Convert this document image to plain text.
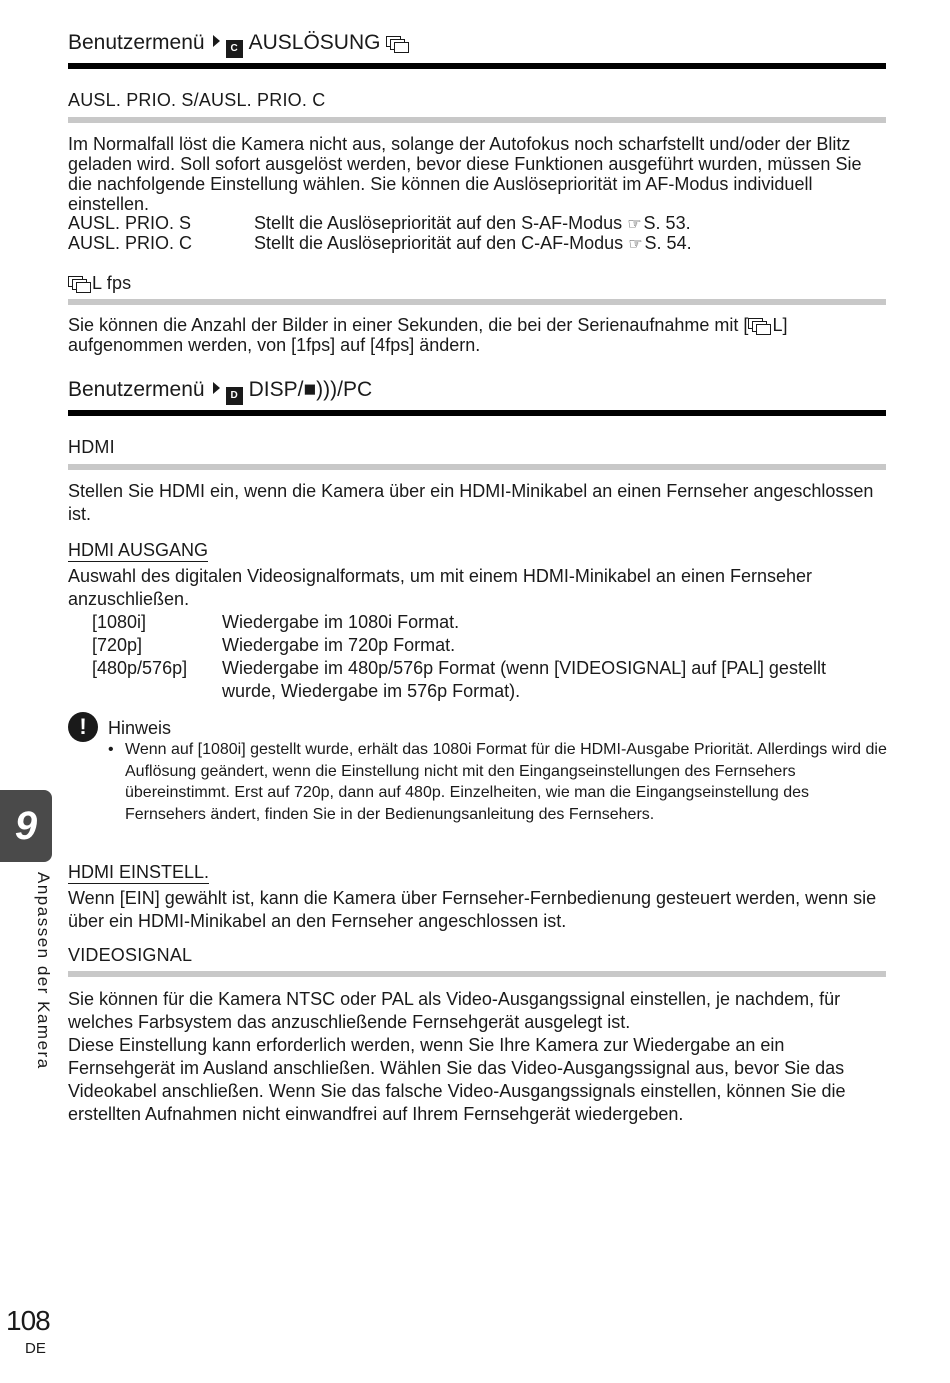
Benutzermenü	C AUSLÖSUNG
AUSL. PRIO. S/AUSL. PRIO. C
Im Normalfall löst die Kamera nicht aus, solange der Autofokus noch scharfstellt und/oder der Blitz geladen wird. Soll sofort ausgelöst werden, bevor diese Funktionen ausgeführt wurden, müssen Sie die nachfolgende Einstellung wählen. Sie können die Auslösepriorität im AF-Modus individuell einstellen.
AUSL. PRIO. S	Stellt die Auslösepriorität auf den S-AF-Modus ☞ S. 53.
AUSL. PRIO. C	Stellt die Auslösepriorität auf den C-AF-Modus ☞ S. 54.
L fps
Sie können die Anzahl der Bilder in einer Sekunden, die bei der Serienaufnahme mit [ L] aufgenommen werden, von [1fps] auf [4fps] ändern.
Benutzermenü	D DISP/■)))/PC
HDMI
Stellen Sie HDMI ein, wenn die Kamera über ein HDMI-Minikabel an einen Fernseher angeschlossen ist.
HDMI AUSGANG
Auswahl des digitalen Videosignalformats, um mit einem HDMI-Minikabel an einen Fernseher anzuschließen.
[1080i]	Wiedergabe im 1080i Format.
[720p]	Wiedergabe im 720p Format.
[480p/576p] Wiedergabe im 480p/576p Format (wenn [VIDEOSIGNAL] auf [PAL] gestellt wurde, Wiedergabe im 576p Format).
!	Hinweis
• Wenn auf [1080i] gestellt wurde, erhält das 1080i Format für die HDMI-Ausgabe Priorität. Allerdings wird die Auflösung geändert, wenn die Einstellung nicht mit den Eingangseinstellungen des Fernsehers übereinstimmt. Erst auf 720p, dann auf 480p. Einzelheiten, wie man die Eingangseinstellung des Fernsehers ändert, finden Sie in der Bedienungsanleitung des Fernsehers.
HDMI EINSTELL.
Wenn [EIN] gewählt ist, kann die Kamera über Fernseher-Fernbedienung gesteuert werden, wenn sie über ein HDMI-Minikabel an den Fernseher angeschlossen ist.
VIDEOSIGNAL
Sie können für die Kamera NTSC oder PAL als Video-Ausgangssignal einstellen, je nachdem, für welches Farbsystem das anzuschließende Fernsehgerät ausgelegt ist.
Diese Einstellung kann erforderlich werden, wenn Sie Ihre Kamera zur Wiedergabe an ein Fernsehgerät im Ausland anschließen. Wählen Sie das Video-Ausgangssignal aus, bevor Sie das Videokabel anschließen. Wenn Sie das falsche Video-Ausgangssignals einstellen, können Sie die erstellten Aufnahmen nicht einwandfrei auf Ihrem Fernsehgerät wiedergeben.
9
Anpassen der Kamera
108
DE
